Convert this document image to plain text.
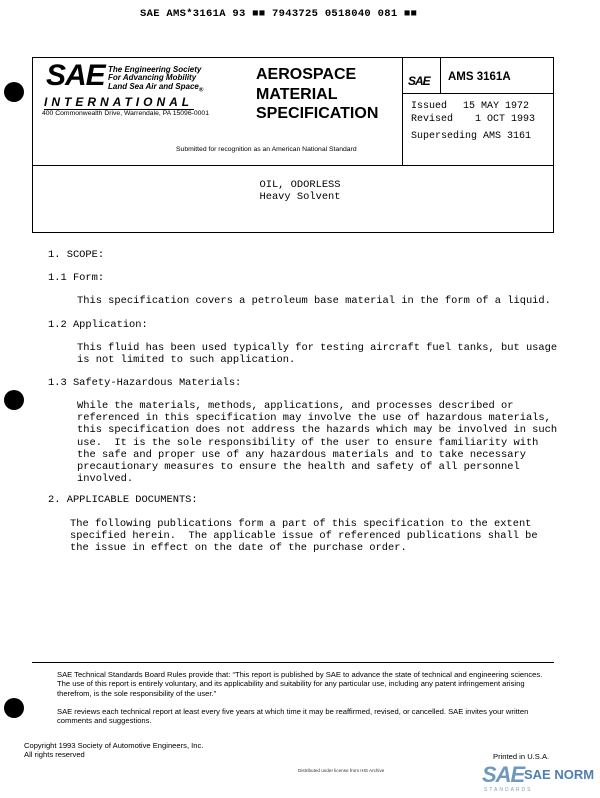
SAE AMS*3161A 93 ■■ 7943725 0518040 081 ■■
SAE The Engineering Society
For Advancing Mobility
Land Sea Air and Space$_®$
INTERNATIONAL
400 Commonwealth Drive, Warrendale, PA 15096-0001
AEROSPACE
MATERIAL
SPECIFICATION
Submitted for recognition as an American National Standard
SAE AMS 3161A
Issued 15 MAY 1972
Revised 1 OCT 1993
Superseding AMS 3161
OIL, ODORLESS
Heavy Solvent
1. SCOPE:
1.1 Form:
This specification covers a petroleum base material in the form of a liquid.
1.2 Application:
This fluid has been used typically for testing aircraft fuel tanks, but usage
is not limited to such application.
1.3 Safety-Hazardous Materials:
While the materials, methods, applications, and processes described or
referenced in this specification may involve the use of hazardous materials,
this specification does not address the hazards which may be involved in such
use.  It is the sole responsibility of the user to ensure familiarity with
the safe and proper use of any hazardous materials and to take necessary
precautionary measures to ensure the health and safety of all personnel
involved.
2. APPLICABLE DOCUMENTS:
The following publications form a part of this specification to the extent
specified herein.  The applicable issue of referenced publications shall be
the issue in effect on the date of the purchase order.
SAE Technical Standards Board Rules provide that: “This report is published by SAE to advance the state of technical and engineering sciences. The use of this report is entirely voluntary, and its applicability and suitability for any particular use, including any patent infringement arising therefrom, is the sole responsibility of the user.”
SAE reviews each technical report at least every five years at which time it may be reaffirmed, revised, or cancelled. SAE invites your written comments and suggestions.
Copyright 1993 Society of Automotive Engineers, Inc.
All rights reserved	Printed in U.S.A.
Distributed under license from IHS Archive	SAE SAE NORM
STANDARDS
